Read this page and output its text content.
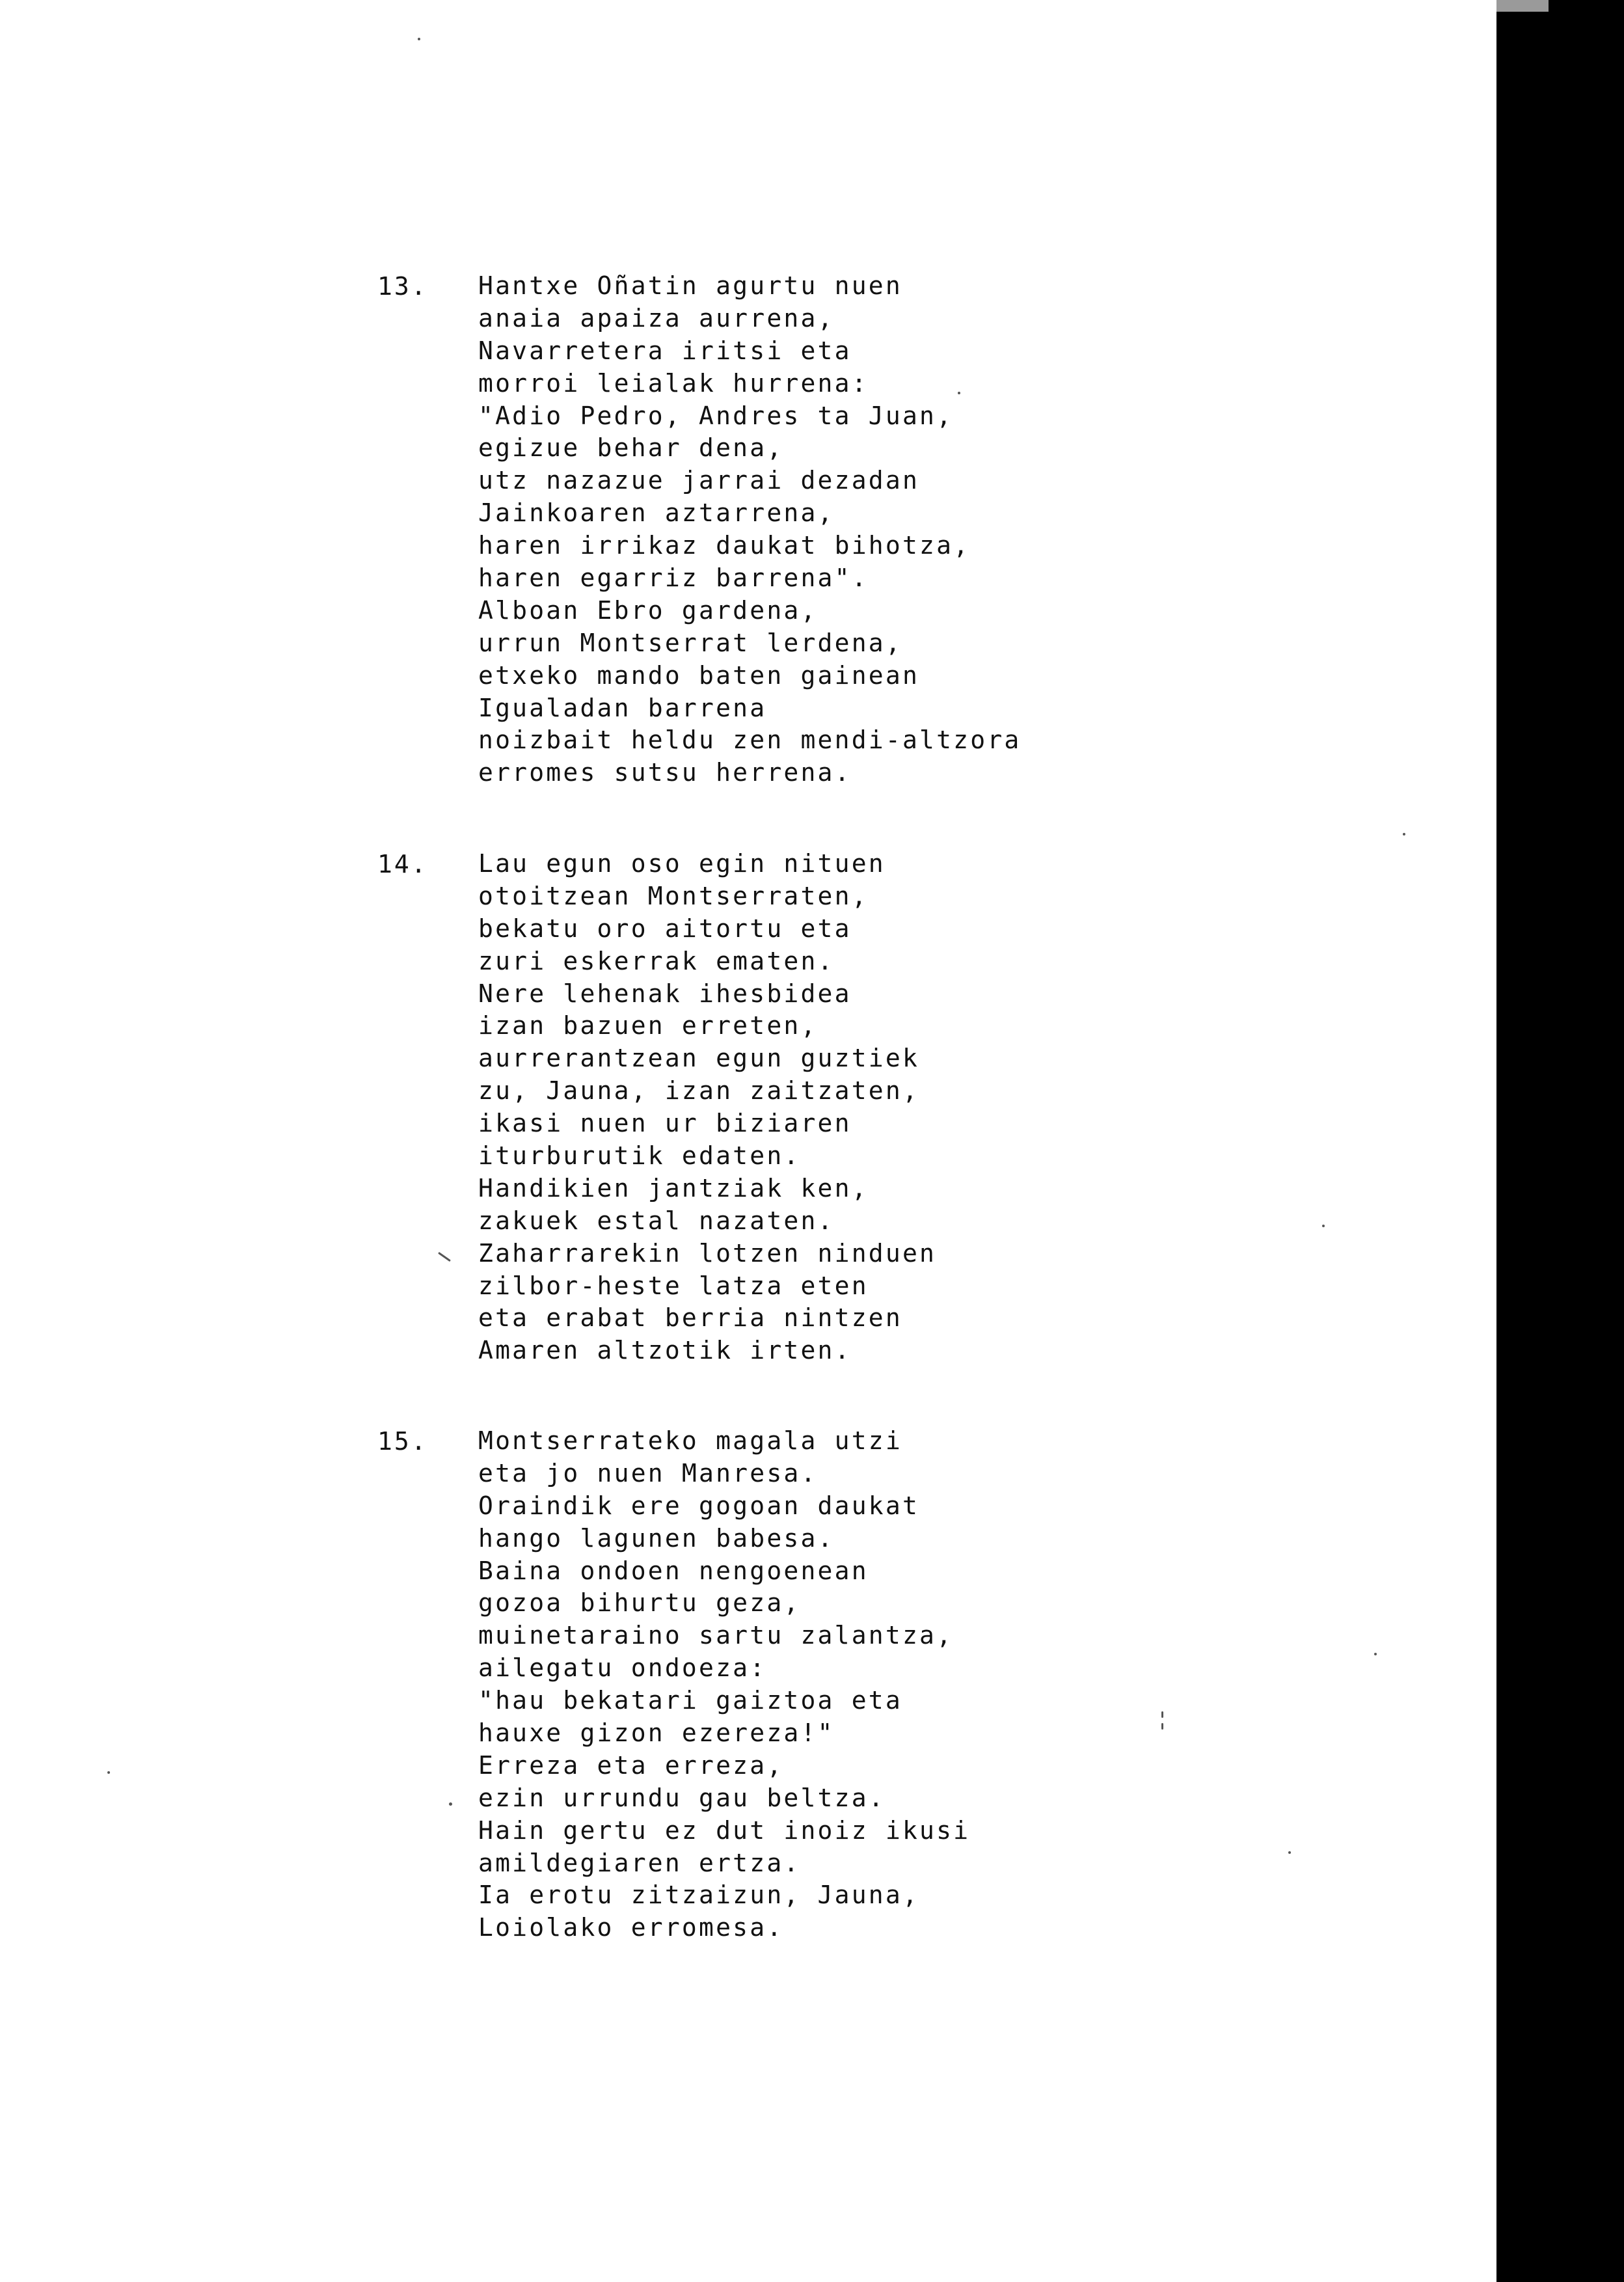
13.	Hantxe Oñatin agurtu nuen
anaia apaiza aurrena,
Navarretera iritsi eta
morroi leialak hurrena:
"Adio Pedro, Andres ta Juan,
egizue behar dena,
utz nazazue jarrai dezadan
Jainkoaren aztarrena,
haren irrikaz daukat bihotza,
haren egarriz barrena".
Alboan Ebro gardena,
urrun Montserrat lerdena,
etxeko mando baten gainean
Igualadan barrena
noizbait heldu zen mendi-altzora
erromes sutsu herrena.
14.	Lau egun oso egin nituen
otoitzean Montserraten,
bekatu oro aitortu eta
zuri eskerrak ematen.
Nere lehenak ihesbidea
izan bazuen erreten,
aurrerantzean egun guztiek
zu, Jauna, izan zaitzaten,
ikasi nuen ur biziaren
iturburutik edaten.
Handikien jantziak ken,
zakuek estal nazaten.
Zaharrarekin lotzen ninduen
zilbor-heste latza eten
eta erabat berria nintzen
Amaren altzotik irten.
15.	Montserrateko magala utzi
eta jo nuen Manresa.
Oraindik ere gogoan daukat
hango lagunen babesa.
Baina ondoen nengoenean
gozoa bihurtu geza,
muinetaraino sartu zalantza,
ailegatu ondoeza:
"hau bekatari gaiztoa eta
hauxe gizon ezereza!"
Erreza eta erreza,
ezin urrundu gau beltza.
Hain gertu ez dut inoiz ikusi
amildegiaren ertza.
Ia erotu zitzaizun, Jauna,
Loiolako erromesa.
